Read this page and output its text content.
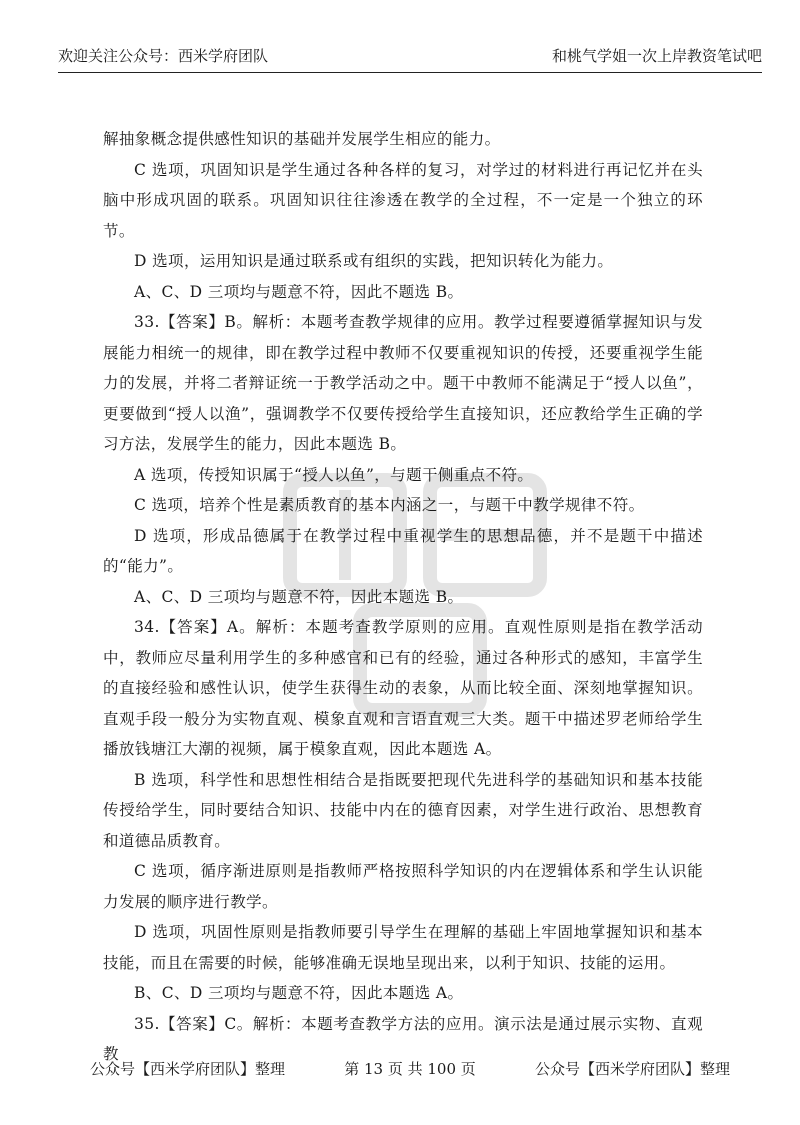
欢迎关注公众号：西米学府团队	和桃气学姐一次上岸教资笔试吧

解抽象概念提供感性知识的基础并发展学生相应的能力。

C 选项，巩固知识是学生通过各种各样的复习，对学过的材料进行再记忆并在头脑中形成巩固的联系。巩固知识往往渗透在教学的全过程，不一定是一个独立的环节。

D 选项，运用知识是通过联系或有组织的实践，把知识转化为能力。

A、C、D 三项均与题意不符，因此不题选 B。

33.【答案】B。解析：本题考查教学规律的应用。教学过程要遵循掌握知识与发展能力相统一的规律，即在教学过程中教师不仅要重视知识的传授，还要重视学生能力的发展，并将二者辩证统一于教学活动之中。题干中教师不能满足于“授人以鱼”，更要做到“授人以渔”，强调教学不仅要传授给学生直接知识，还应教给学生正确的学习方法，发展学生的能力，因此本题选 B。

A 选项，传授知识属于“授人以鱼”，与题干侧重点不符。

C 选项，培养个性是素质教育的基本内涵之一，与题干中教学规律不符。

D 选项，形成品德属于在教学过程中重视学生的思想品德，并不是题干中描述的“能力”。

A、C、D 三项均与题意不符，因此本题选 B。

34.【答案】A。解析：本题考查教学原则的应用。直观性原则是指在教学活动中，教师应尽量利用学生的多种感官和已有的经验，通过各种形式的感知，丰富学生的直接经验和感性认识，使学生获得生动的表象，从而比较全面、深刻地掌握知识。直观手段一般分为实物直观、模象直观和言语直观三大类。题干中描述罗老师给学生播放钱塘江大潮的视频，属于模象直观，因此本题选 A。

B 选项，科学性和思想性相结合是指既要把现代先进科学的基础知识和基本技能传授给学生，同时要结合知识、技能中内在的德育因素，对学生进行政治、思想教育和道德品质教育。

C 选项，循序渐进原则是指教师严格按照科学知识的内在逻辑体系和学生认识能力发展的顺序进行教学。

D 选项，巩固性原则是指教师要引导学生在理解的基础上牢固地掌握知识和基本技能，而且在需要的时候，能够准确无误地呈现出来，以利于知识、技能的运用。

B、C、D 三项均与题意不符，因此本题选 A。

35.【答案】C。解析：本题考查教学方法的应用。演示法是通过展示实物、直观教

公众号【西米学府团队】整理	第 13 页 共 100 页	公众号【西米学府团队】整理
